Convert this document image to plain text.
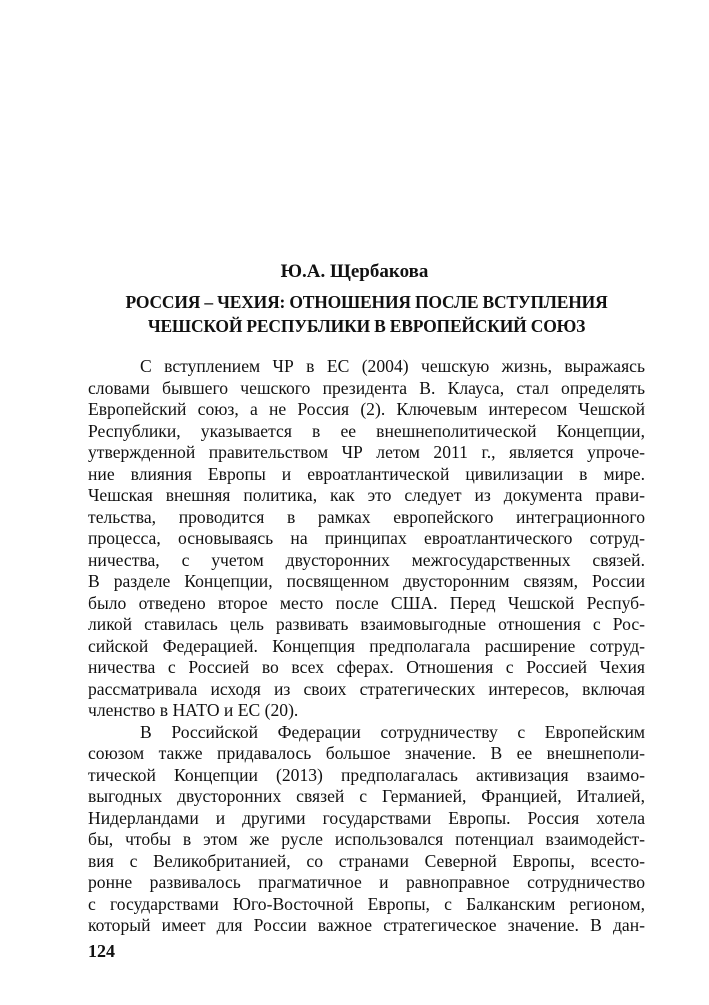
Ю.А. Щербакова
РОССИЯ – ЧЕХИЯ: ОТНОШЕНИЯ ПОСЛЕ ВСТУПЛЕНИЯ
ЧЕШСКОЙ РЕСПУБЛИКИ В ЕВРОПЕЙСКИЙ СОЮЗ
С вступлением ЧР в ЕС (2004) чешскую жизнь, выражаясь
словами бывшего чешского президента В. Клауса, стал определять
Европейский союз, а не Россия (2). Ключевым интересом Чешской
Республики, указывается в ее внешнеполитической Концепции,
утвержденной правительством ЧР летом 2011 г., является упроче-
ние влияния Европы и евроатлантической цивилизации в мире.
Чешская внешняя политика, как это следует из документа прави-
тельства, проводится в рамках европейского интеграционного
процесса, основываясь на принципах евроатлантического сотруд-
ничества, с учетом двусторонних межгосударственных связей.
В разделе Концепции, посвященном двусторонним связям, России
было отведено второе место после США. Перед Чешской Респуб-
ликой ставилась цель развивать взаимовыгодные отношения с Рос-
сийской Федерацией. Концепция предполагала расширение сотруд-
ничества с Россией во всех сферах. Отношения с Россией Чехия
рассматривала исходя из своих стратегических интересов, включая
членство в НАТО и ЕС (20).
В Российской Федерации сотрудничеству с Европейским
союзом также придавалось большое значение. В ее внешнеполи-
тической Концепции (2013) предполагалась активизация взаимо-
выгодных двусторонних связей с Германией, Францией, Италией,
Нидерландами и другими государствами Европы. Россия хотела
бы, чтобы в этом же русле использовался потенциал взаимодейст-
вия с Великобританией, со странами Северной Европы, всесто-
ронне развивалось прагматичное и равноправное сотрудничество
с государствами Юго-Восточной Европы, с Балканским регионом,
который имеет для России важное стратегическое значение. В дан-
124
